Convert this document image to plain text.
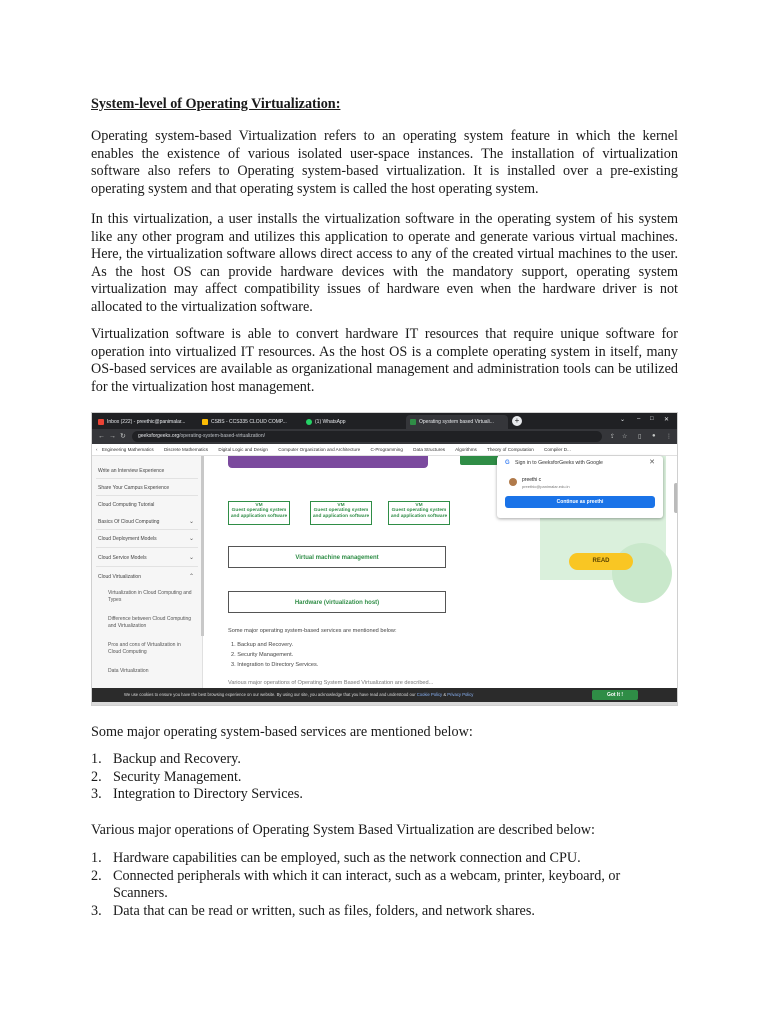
System-level of Operating Virtualization:

Operating system-based Virtualization refers to an operating system feature in which the kernel enables the existence of various isolated user-space instances. The installation of virtualization software also refers to Operating system-based virtualization. It is installed over a pre-existing operating system and that operating system is called the host operating system.

In this virtualization, a user installs the virtualization software in the operating system of his system like any other program and utilizes this application to operate and generate various virtual machines. Here, the virtualization software allows direct access to any of the created virtual machines to the user. As the host OS can provide hardware devices with the mandatory support, operating system virtualization may affect compatibility issues of hardware even when the hardware driver is not allocated to the virtualization software.

Virtualization software is able to convert hardware IT resources that require unique software for operation into virtualized IT resources. As the host OS is a complete operating system in itself, many OS-based services are available as organizational management and administration tools can be utilized for the virtualization host management.

Inbox (222) - preethic@panimalar...	CSBS - CCS335 CLOUD COMP...	(1) WhatsApp	Operating system based Virtuali...	+	⌄ – □ ✕
← → ↻	geeksforgeeks.org/operating-system-based-virtualization/	⇪ ☆ ▯ ● ⋮
‹ Engineering Mathematics Discrete Mathematics Digital Logic and Design Computer Organization and Architecture C-Programming Data Structures Algorithms Theory of Computation Compiler D...
Write an Interview Experience
Share Your Campus Experience
Cloud Computing Tutorial
Basics Of Cloud Computing	⌄
Cloud Deployment Models	⌄
Cloud Service Models	⌄
Cloud Virtualization	⌃
Virtualization in Cloud Computing and Types
Difference between Cloud Computing and Virtualization
Pros and cons of Virtualization in Cloud Computing
Data Virtualization
VM
Guest operating system and application software
VM
Guest operating system and application software
VM
Guest operating system and application software
Virtual machine management
Hardware (virtualization host)
Some major operating system-based services are mentioned below:
1. Backup and Recovery.
2. Security Management.
3. Integration to Directory Services.
Various major operations of Operating System Based Virtualization are described...
READ
G Sign in to GeeksforGeeks with Google	✕
preethi c
preethic@panimalar.edu.in
Continue as preethi
We use cookies to ensure you have the best browsing experience on our website. By using our site, you acknowledge that you have read and understood our Cookie Policy & Privacy Policy	Got It !
Some major operating system-based services are mentioned below:
1. Backup and Recovery.
2. Security Management.
3. Integration to Directory Services.
Various major operations of Operating System Based Virtualization are described below:
1. Hardware capabilities can be employed, such as the network connection and CPU.
2. Connected peripherals with which it can interact, such as a webcam, printer, keyboard, or Scanners.
3. Data that can be read or written, such as files, folders, and network shares.
